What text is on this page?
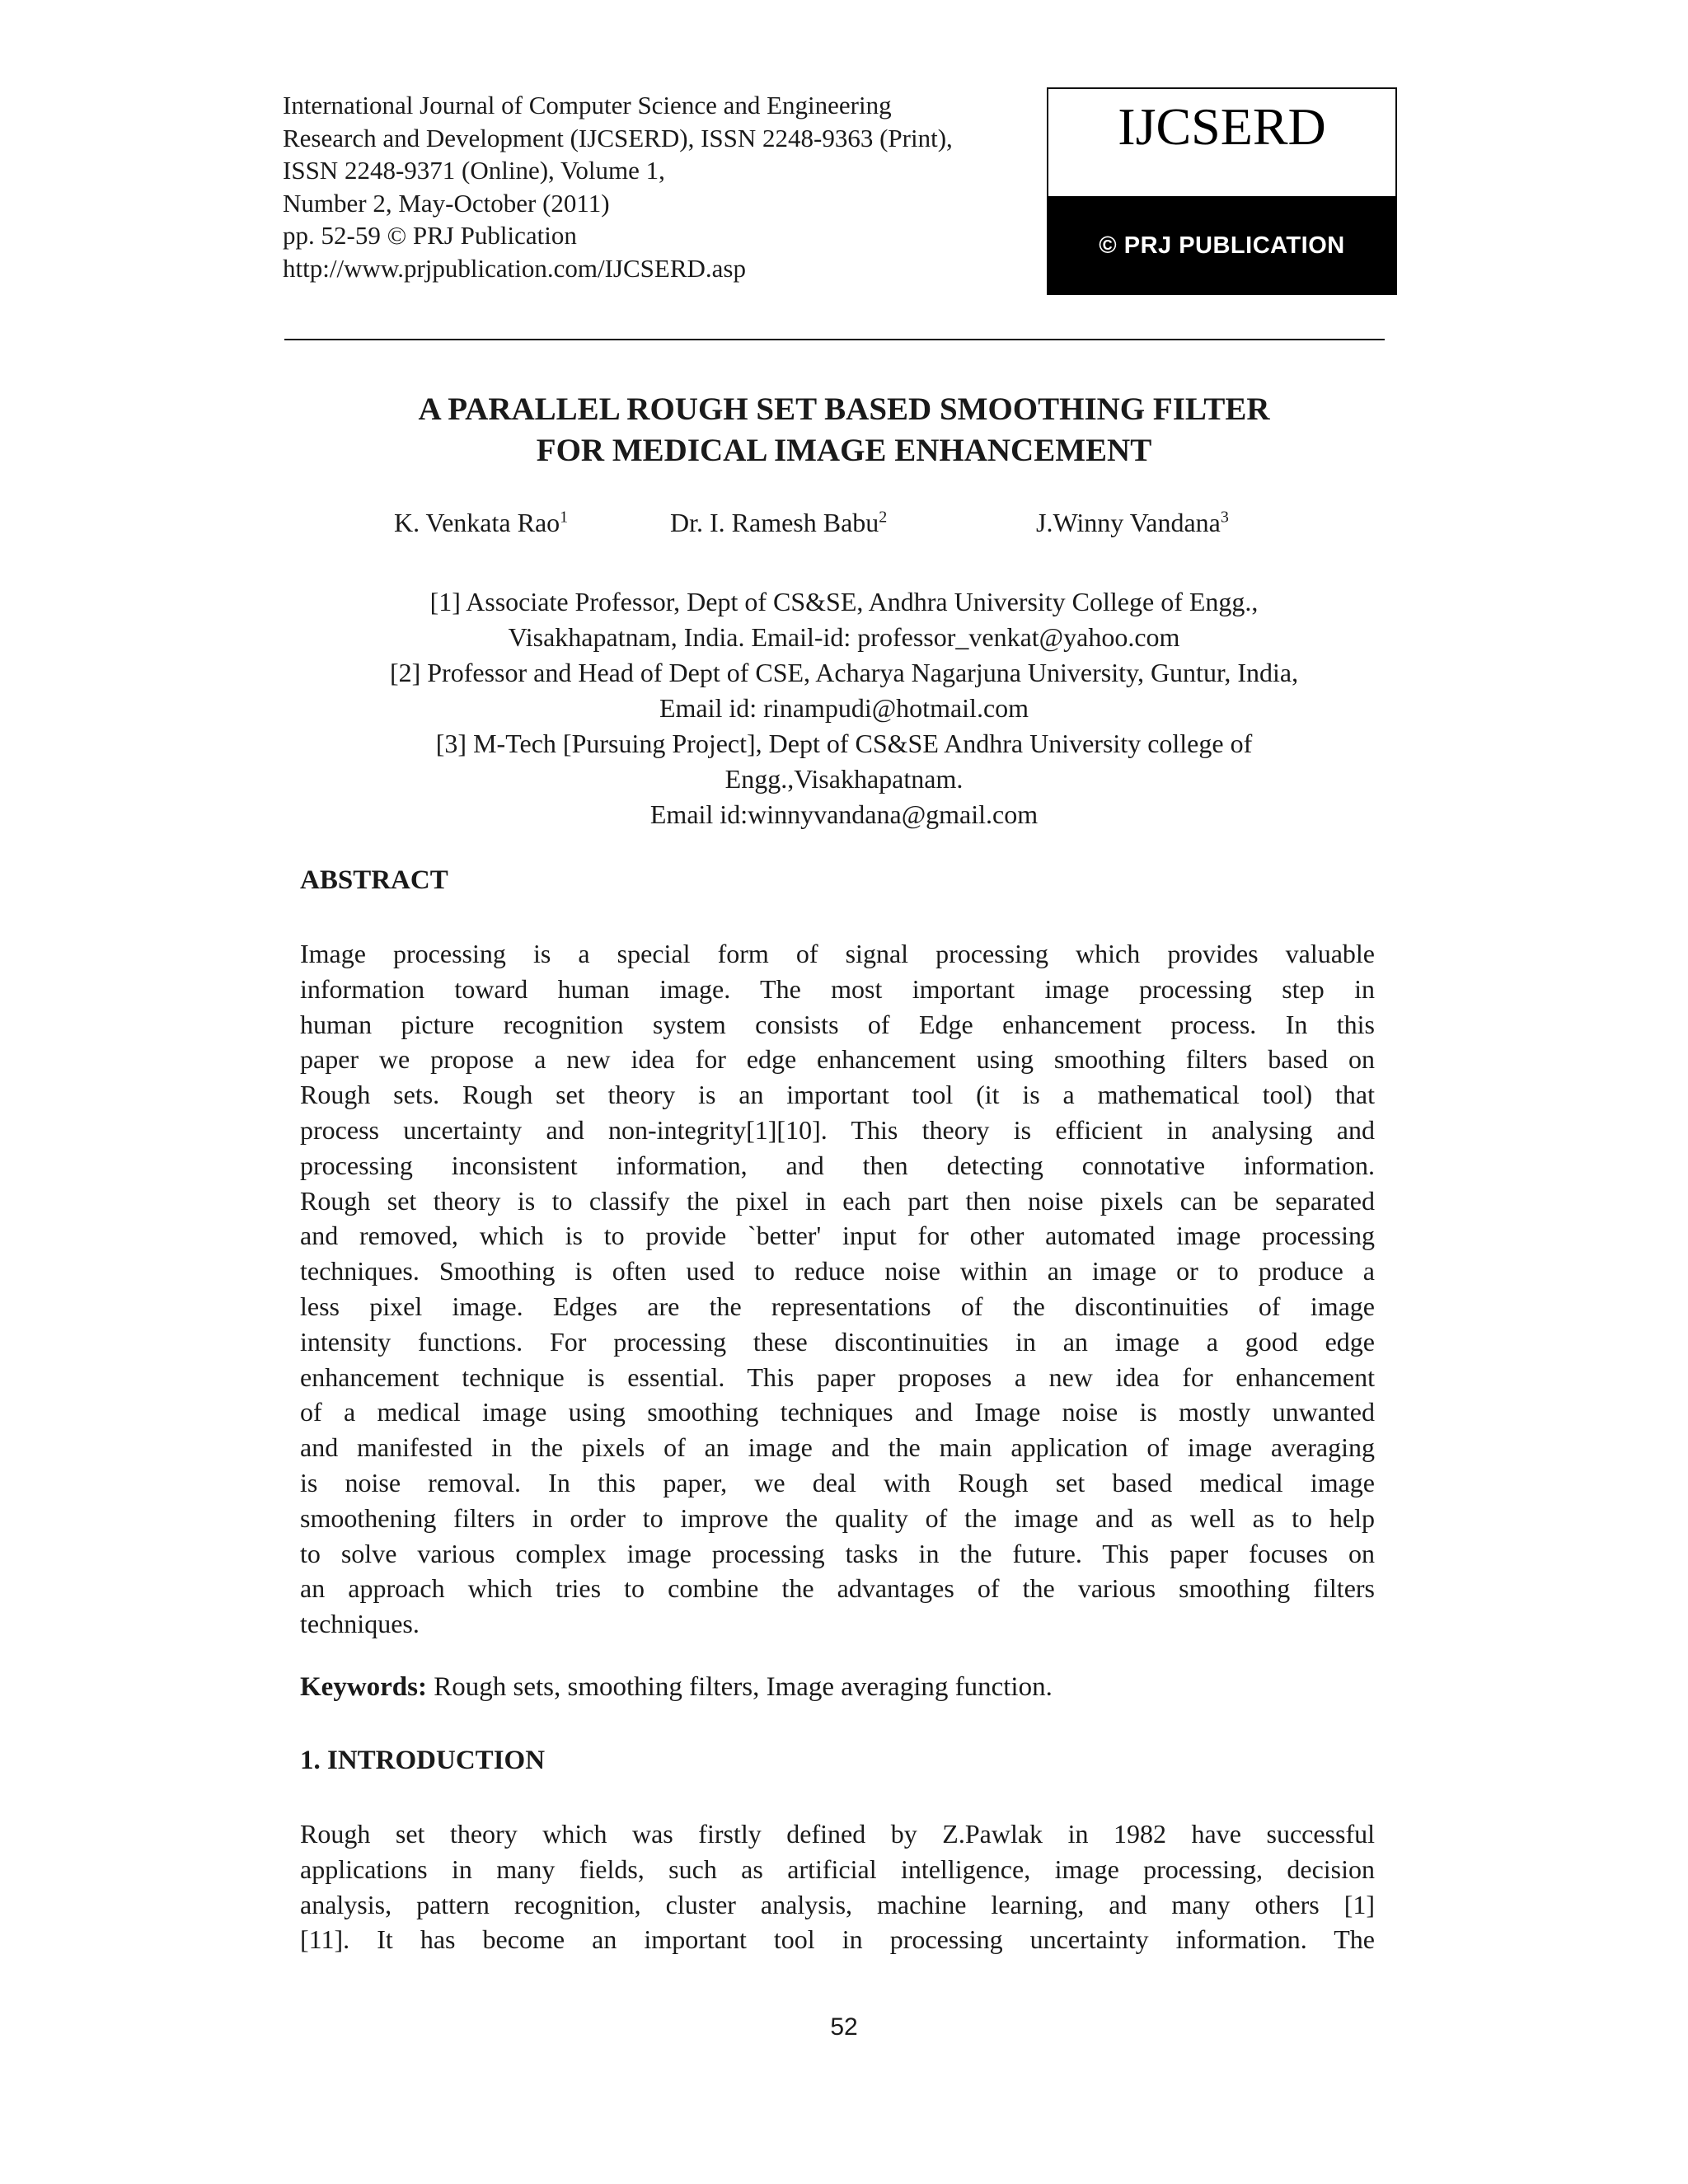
International Journal of Computer Science and Engineering
Research and Development (IJCSERD), ISSN 2248-9363 (Print),
ISSN 2248-9371 (Online), Volume 1,
Number 2, May-October (2011)
pp. 52-59 © PRJ Publication
http://www.prjpublication.com/IJCSERD.asp
IJCSERD
© PRJ PUBLICATION
A PARALLEL ROUGH SET BASED SMOOTHING FILTER
FOR MEDICAL IMAGE ENHANCEMENT
K. Venkata Rao$^1$	Dr. I. Ramesh Babu$^2$	J.Winny Vandana$^3$
[1] Associate Professor, Dept of CS&SE, Andhra University College of Engg.,
Visakhapatnam, India. Email-id: professor_venkat@yahoo.com
[2] Professor and Head of Dept of CSE, Acharya Nagarjuna University, Guntur, India,
Email id: rinampudi@hotmail.com
[3] M-Tech [Pursuing Project], Dept of CS&SE Andhra University college of
Engg.,Visakhapatnam.
Email id:winnyvandana@gmail.com
ABSTRACT
Image processing is a special form of signal processing which provides valuable
information toward human image. The most important image processing step in
human picture recognition system consists of Edge enhancement process. In this
paper we propose a new idea for edge enhancement using smoothing filters based on
Rough sets. Rough set theory is an important tool (it is a mathematical tool) that
process uncertainty and non-integrity[1][10]. This theory is efficient in analysing and
processing inconsistent information, and then detecting connotative information.
Rough set theory is to classify the pixel in each part then noise pixels can be separated
and removed, which is to provide `better' input for other automated image processing
techniques. Smoothing is often used to reduce noise within an image or to produce a
less pixel image. Edges are the representations of the discontinuities of image
intensity functions. For processing these discontinuities in an image a good edge
enhancement technique is essential. This paper proposes a new idea for enhancement
of a medical image using smoothing techniques and Image noise is mostly unwanted
and manifested in the pixels of an image and the main application of image averaging
is noise removal. In this paper, we deal with Rough set based medical image
smoothening filters in order to improve the quality of the image and as well as to help
to solve various complex image processing tasks in the future. This paper focuses on
an approach which tries to combine the advantages of the various smoothing filters
techniques.
Keywords: Rough sets, smoothing filters, Image averaging function.
1. INTRODUCTION
Rough set theory which was firstly defined by Z.Pawlak in 1982 have successful
applications in many fields, such as artificial intelligence, image processing, decision
analysis, pattern recognition, cluster analysis, machine learning, and many others [1]
[11]. It has become an important tool in processing uncertainty information. The
52
